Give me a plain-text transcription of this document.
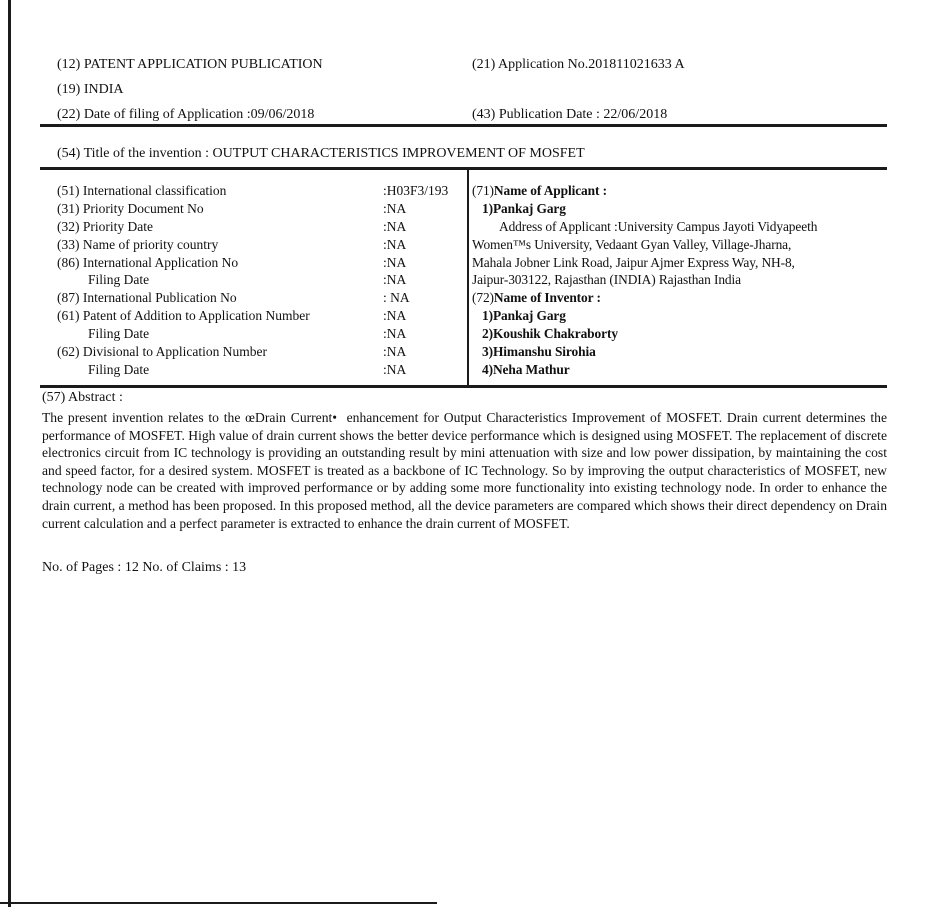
(12) PATENT APPLICATION PUBLICATION	(21) Application No.201811021633 A
(19) INDIA
(22) Date of filing of Application :09/06/2018	(43) Publication Date : 22/06/2018
(54) Title of the invention : OUTPUT CHARACTERISTICS IMPROVEMENT OF MOSFET
(51) International classification	:H03F3/193
(31) Priority Document No	:NA
(32) Priority Date	:NA
(33) Name of priority country	:NA
(86) International Application No	:NA
Filing Date	:NA
(87) International Publication No	: NA
(61) Patent of Addition to Application Number	:NA
Filing Date	:NA
(62) Divisional to Application Number	:NA
Filing Date	:NA
(71)Name of Applicant :
1)Pankaj Garg
Address of Applicant :University Campus Jayoti Vidyapeeth
Women™s University, Vedaant Gyan Valley, Village-Jharna,
Mahala Jobner Link Road, Jaipur Ajmer Express Way, NH-8,
Jaipur-303122, Rajasthan (INDIA) Rajasthan India
(72)Name of Inventor :
1)Pankaj Garg
2)Koushik Chakraborty
3)Himanshu Sirohia
4)Neha Mathur
(57) Abstract :
The present invention relates to the œDrain Current•  enhancement for Output Characteristics Improvement of MOSFET. Drain current determines the performance of MOSFET. High value of drain current shows the better device performance which is designed using MOSFET. The replacement of discrete electronics circuit from IC technology is providing an outstanding result by mini attenuation with size and low power dissipation, by maintaining the cost and speed factor, for a desired system. MOSFET is treated as a backbone of IC Technology. So by improving the output characteristics of MOSFET, new technology node can be created with improved performance or by adding some more functionality into existing technology node. In order to enhance the drain current, a method has been proposed. In this proposed method, all the device parameters are compared which shows their direct dependency on Drain current calculation and a perfect parameter is extracted to enhance the drain current of MOSFET.
No. of Pages : 12 No. of Claims : 13
